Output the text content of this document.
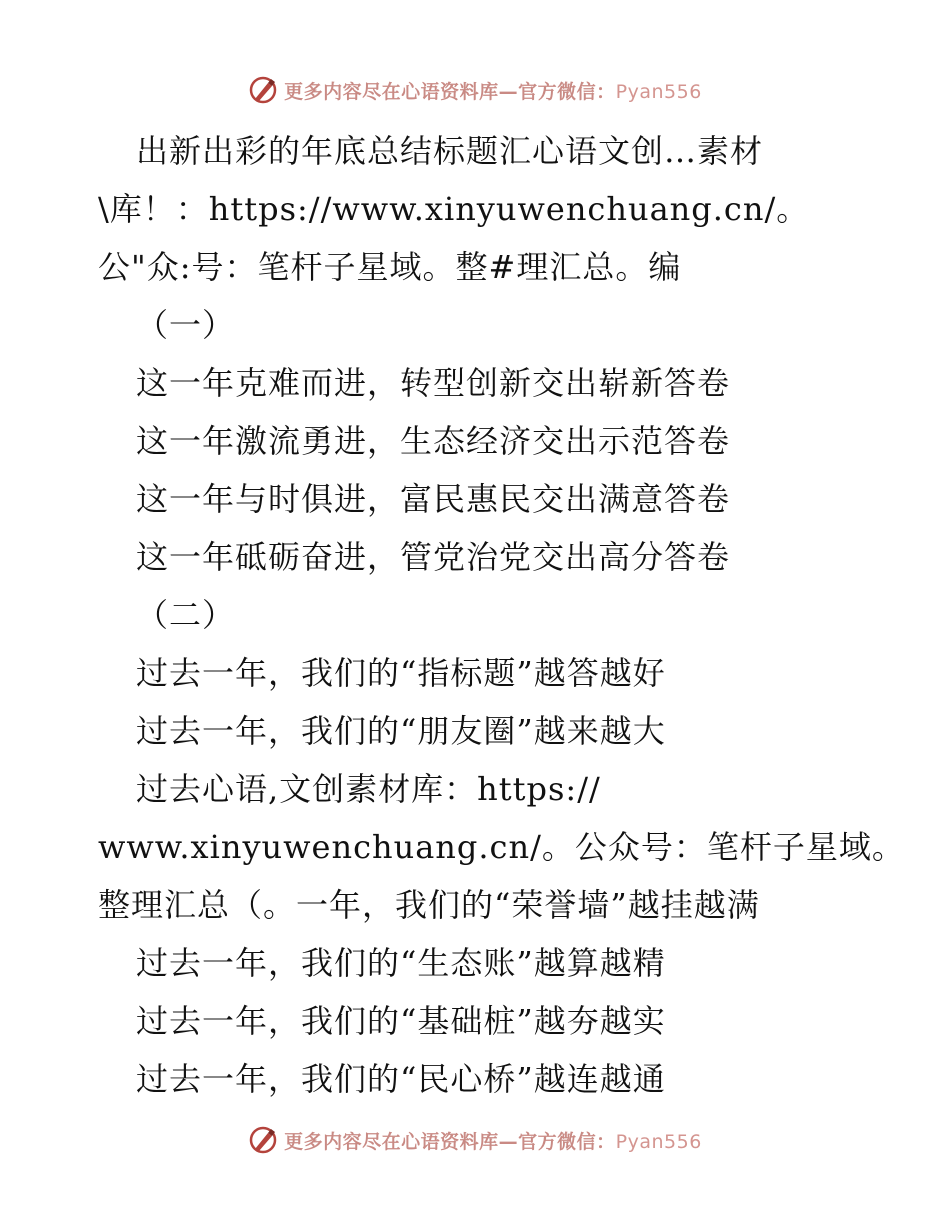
更多内容尽在心语资料库—官方微信：Pyan556
出新出彩的年底总结标题汇心语文创…素材
\库！：https://www.xinyuwenchuang.cn/。
公"众:号：笔杆子星域。整#理汇总。编
（一）
这一年克难而进，转型创新交出崭新答卷
这一年激流勇进，生态经济交出示范答卷
这一年与时俱进，富民惠民交出满意答卷
这一年砥砺奋进，管党治党交出高分答卷
（二）
过去一年，我们的“指标题”越答越好
过去一年，我们的“朋友圈”越来越大
过去心语,文创素材库：https://
www.xinyuwenchuang.cn/。公众号：笔杆子星域。
整理汇总（。一年，我们的“荣誉墙”越挂越满
过去一年，我们的“生态账”越算越精
过去一年，我们的“基础桩”越夯越实
过去一年，我们的“民心桥”越连越通
更多内容尽在心语资料库—官方微信：Pyan556
